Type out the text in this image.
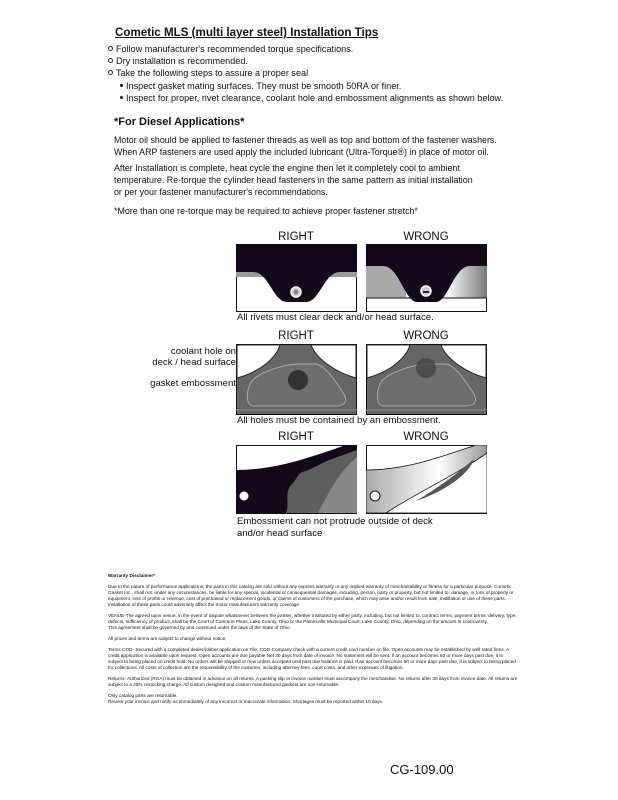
Cometic MLS (multi layer steel) Installation Tips
Follow manufacturer's recommended torque specifications.
Dry installation is recommended.
Take the following steps to assure a proper seal
Inspect gasket mating surfaces. They must be smooth 50RA or finer.
Inspect for proper, rivet clearance, coolant hole and embossment alignments as shown below.
*For Diesel Applications*
Motor oil should be applied to fastener threads as well as top and bottom of the fastener washers.
When ARP fasteners are used apply the included lubricant (Ultra-Torque®) in place of motor oil.
After Installation is complete, heat cycle the engine then let it completely cool to ambient
temperature. Re-torque the cylinder head fasteners in the same pattern as initial installation
or per your fastener manufacturer's recommendations.
*More than one re-torque may be required to achieve proper fastener stretch*
RIGHT	WRONG
All rivets must clear deck and/or head surface.
RIGHT	WRONG
coolant hole on
deck / head surface
gasket embossment
All holes must be contained by an embossment.
RIGHT	WRONG
Embossment can not protrude outside of deck
and/or head surface

Warranty Disclaimer*

Due to the nature of performance applications, the parts in this catalog are sold without any express warranty or any implied warranty of merchantability or fitness for a particular purpose. Cometic Gasket Inc., shall not, under any circumstances, be liable for any special, incidental or consequential damages, including, person, party or property, but not limited to, damage, or loss of property or equipment, loss of profits or revenue, cost of purchased or replacement goods, or claims of customers of the purchase, which may arise and/or result from sale, instillation or use of these parts. Installation of these parts could adversely affect the motor manufacturers warranty coverage.

VENUE-The agreed upon venue, in the event of dispute whatsoever between the parties, whether instituted by either party, including, but not limited to, contract terms, payment terms, delivery, type, defects, sufficiency of product, shall be the Court of Common Pleas, Lake County, Ohio or the Painesville Municipal Court, Lake County, Ohio, depending on the amount in controversy.

This agreement shall be governed by and construed under the laws of the State of Ohio.

All prices and terms are subject to change without notice.

Terms COD- Secured with a completed dealer/jobber application on File, COD-Company check with a current credit card number on file. Open accounts may be established by well rated firms. A credit application is available upon request. Open accounts are due payable Net 30 days from date of invoice. No statement will be sent. If an account becomes 60 or more days past due, it is subject to being placed on credit hold. No orders will be shipped or new orders accepted until past due balance is paid. If an account becomes 90 or more days past due, it is subject to being placed for collections. All costs of collection are the responsibility of the customer, including attorney fees, court costs, and other expenses of litigation.

Returns- Authorized (RGA) must be obtained in advance on all returns. A packing slip or invoice number must accompany the merchandise. No returns after 30 days from invoice date. All returns are subject to a 25% restocking charge. All custom designed and custom manufactured gaskets are non-returnable.

Only catalog parts are returnable.

Review your invoice and notify us immediately of any incorrect or inaccurate information. Shortages must be reported within 10 days.

CG-109.00
